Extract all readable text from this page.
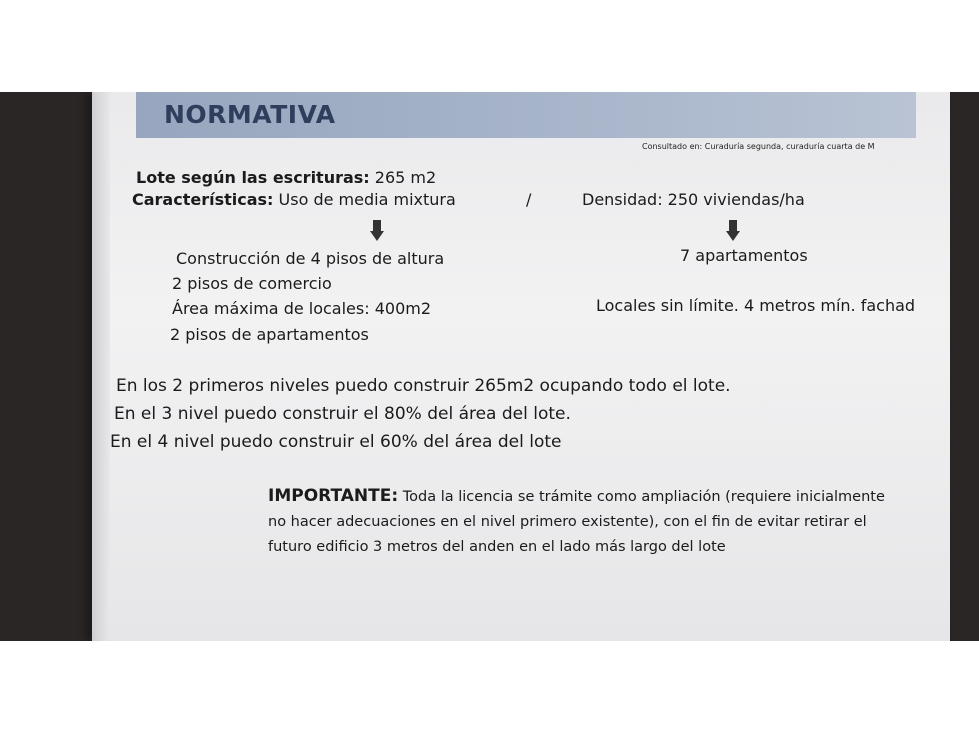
NORMATIVA
Consultado en: Curaduría segunda, curaduría cuarta de M
Lote según las escrituras: 265 m2
Características: Uso de media mixtura	/	Densidad: 250 viviendas/ha
Construcción de 4 pisos de altura
2 pisos de comercio
Área máxima de locales: 400m2
2 pisos de apartamentos
7 apartamentos
Locales sin límite. 4 metros mín. fachad
En los 2 primeros niveles puedo construir 265m2 ocupando todo el lote.
En el 3 nivel puedo construir el 80% del área del lote.
En el 4 nivel puedo construir el 60% del área del lote
IMPORTANTE: Toda la licencia se trámite como ampliación (requiere inicialmente
no hacer adecuaciones en el nivel primero existente), con el fin de evitar retirar el
futuro edificio 3 metros del anden en el lado más largo del lote
